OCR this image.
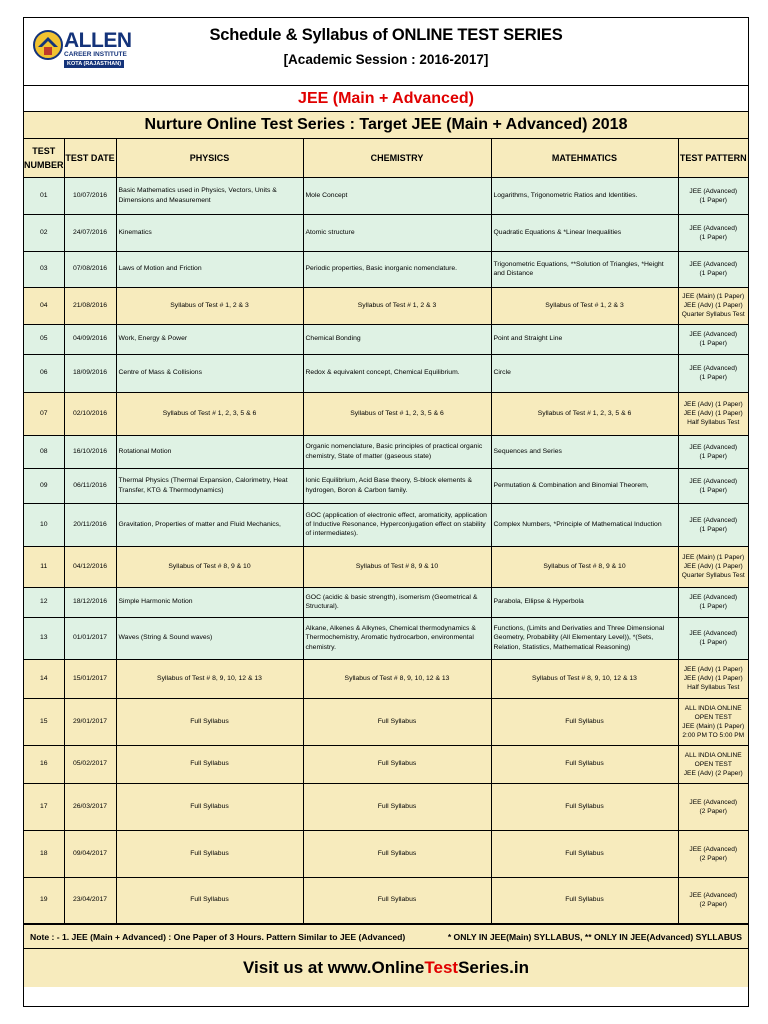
ALLEN
CAREER INSTITUTE
KOTA (RAJASTHAN)
Schedule & Syllabus of ONLINE TEST SERIES
[Academic Session : 2016-2017]
JEE (Main + Advanced)
Nurture Online Test Series : Target JEE (Main + Advanced) 2018
TEST NUMBER	TEST DATE	PHYSICS	CHEMISTRY	MATEHMATICS	TEST PATTERN
01	10/07/2016	Basic Mathematics used in Physics, Vectors, Units & Dimensions and Measurement	Mole Concept	Logarithms, Trigonometric Ratios and Identities.	JEE (Advanced)
(1 Paper)
02	24/07/2016	Kinematics	Atomic structure	Quadratic Equations & *Linear Inequalities	JEE (Advanced)
(1 Paper)
03	07/08/2016	Laws of Motion and Friction	Periodic properties, Basic inorganic nomenclature.	Trigonometric Equations, **Solution of Triangles, *Height and Distance	JEE (Advanced)
(1 Paper)
04	21/08/2016	Syllabus of Test # 1, 2 & 3	Syllabus of Test # 1, 2 & 3	Syllabus of Test # 1, 2 & 3	JEE (Main) (1 Paper)
JEE (Adv) (1 Paper)
Quarter Syllabus Test
05	04/09/2016	Work, Energy & Power	Chemical Bonding	Point and Straight Line	JEE (Advanced)
(1 Paper)
06	18/09/2016	Centre of Mass & Collisions	Redox & equivalent concept, Chemical Equilibrium.	Circle	JEE (Advanced)
(1 Paper)
07	02/10/2016	Syllabus of Test # 1, 2, 3, 5 & 6	Syllabus of Test # 1, 2, 3, 5 & 6	Syllabus of Test # 1, 2, 3, 5 & 6	JEE (Adv) (1 Paper)
JEE (Adv) (1 Paper)
Half Syllabus Test
08	16/10/2016	Rotational Motion	Organic nomenclature, Basic principles of practical organic chemistry, State of matter (gaseous state)	Sequences and Series	JEE (Advanced)
(1 Paper)
09	06/11/2016	Thermal Physics (Thermal Expansion, Calorimetry, Heat Transfer, KTG & Thermodynamics)	Ionic Equilibrium, Acid Base theory, S-block elements & hydrogen, Boron & Carbon family.	Permutation & Combination and Binomial Theorem,	JEE (Advanced)
(1 Paper)
10	20/11/2016	Gravitation, Properties of matter and Fluid Mechanics,	GOC (application of electronic effect, aromaticity, application of Inductive Resonance, Hyperconjugation effect on stability of intermediates).	Complex Numbers, *Principle of Mathematical Induction	JEE (Advanced)
(1 Paper)
11	04/12/2016	Syllabus of Test # 8, 9 & 10	Syllabus of Test # 8, 9 & 10	Syllabus of Test # 8, 9 & 10	JEE (Main) (1 Paper)
JEE (Adv) (1 Paper)
Quarter Syllabus Test
12	18/12/2016	Simple Harmonic Motion	GOC (acidic & basic strength), isomerism (Geometrical & Structural).	Parabola, Ellipse & Hyperbola	JEE (Advanced)
(1 Paper)
13	01/01/2017	Waves (String & Sound waves)	Alkane, Alkenes & Alkynes, Chemical thermodynamics & Thermochemistry, Aromatic hydrocarbon, environmental chemistry.	Functions, (Limits and Derivaties and Three Dimensional Geometry, Probability (All Elementary Level)), *(Sets, Relation, Statistics, Mathematical Reasoning)	JEE (Advanced)
(1 Paper)
14	15/01/2017	Syllabus of Test # 8, 9, 10, 12 & 13	Syllabus of Test # 8, 9, 10, 12 & 13	Syllabus of Test # 8, 9, 10, 12 & 13	JEE (Adv) (1 Paper)
JEE (Adv) (1 Paper)
Half Syllabus Test
15	29/01/2017	Full Syllabus	Full Syllabus	Full Syllabus	ALL INDIA ONLINE
OPEN TEST
JEE (Main) (1 Paper)
2:00 PM TO 5:00 PM
16	05/02/2017	Full Syllabus	Full Syllabus	Full Syllabus	ALL INDIA ONLINE
OPEN TEST
JEE (Adv) (2 Paper)
17	26/03/2017	Full Syllabus	Full Syllabus	Full Syllabus	JEE (Advanced)
(2 Paper)
18	09/04/2017	Full Syllabus	Full Syllabus	Full Syllabus	JEE (Advanced)
(2 Paper)
19	23/04/2017	Full Syllabus	Full Syllabus	Full Syllabus	JEE (Advanced)
(2 Paper)
Note : - 1. JEE (Main + Advanced) : One Paper of 3 Hours. Pattern Similar to JEE (Advanced)	* ONLY IN JEE(Main) SYLLABUS, ** ONLY IN JEE(Advanced) SYLLABUS
Visit us at www.OnlineTestSeries.in
